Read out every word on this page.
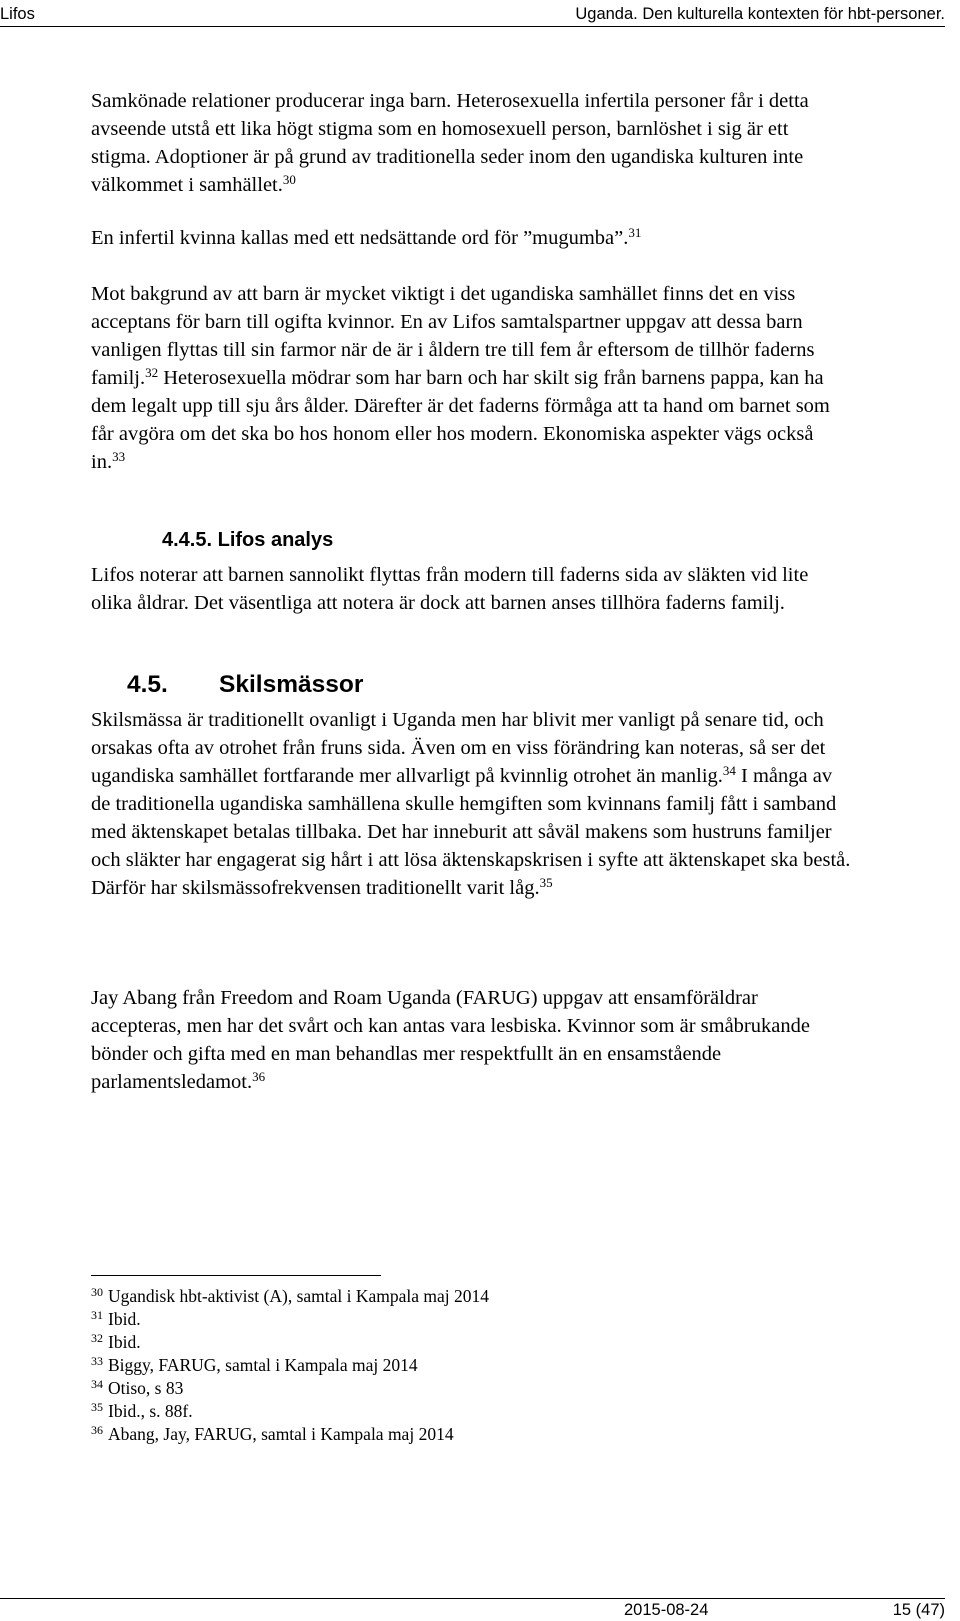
Lifos	Uganda. Den kulturella kontexten för hbt-personer.

Samkönade relationer producerar inga barn. Heterosexuella infertila personer får i detta avseende utstå ett lika högt stigma som en homosexuell person, barnlöshet i sig är ett stigma. Adoptioner är på grund av traditionella seder inom den ugandiska kulturen inte välkommet i samhället.$^{30}$

En infertil kvinna kallas med ett nedsättande ord för ”mugumba”.$^{31}$

Mot bakgrund av att barn är mycket viktigt i det ugandiska samhället finns det en viss acceptans för barn till ogifta kvinnor. En av Lifos samtalspartner uppgav att dessa barn vanligen flyttas till sin farmor när de är i åldern tre till fem år eftersom de tillhör faderns familj.$^{32}$ Heterosexuella mödrar som har barn och har skilt sig från barnens pappa, kan ha dem legalt upp till sju års ålder. Därefter är det faderns förmåga att ta hand om barnet som får avgöra om det ska bo hos honom eller hos modern. Ekonomiska aspekter vägs också in.$^{33}$

4.4.5. Lifos analys

Lifos noterar att barnen sannolikt flyttas från modern till faderns sida av släkten vid lite olika åldrar. Det väsentliga att notera är dock att barnen anses tillhöra faderns familj.

4.5. Skilsmässor

Skilsmässa är traditionellt ovanligt i Uganda men har blivit mer vanligt på senare tid, och orsakas ofta av otrohet från fruns sida. Även om en viss förändring kan noteras, så ser det ugandiska samhället fortfarande mer allvarligt på kvinnlig otrohet än manlig.$^{34}$ I många av de traditionella ugandiska samhällena skulle hemgiften som kvinnans familj fått i samband med äktenskapet betalas tillbaka. Det har inneburit att såväl makens som hustruns familjer och släkter har engagerat sig hårt i att lösa äktenskapskrisen i syfte att äktenskapet ska bestå. Därför har skilsmässofrekvensen traditionellt varit låg.$^{35}$

Jay Abang från Freedom and Roam Uganda (FARUG) uppgav att ensamföräldrar accepteras, men har det svårt och kan antas vara lesbiska. Kvinnor som är småbrukande bönder och gifta med en man behandlas mer respektfullt än en ensamstående parlamentsledamot.$^{36}$

$^{30}$ Ugandisk hbt-aktivist (A), samtal i Kampala maj 2014
$^{31}$ Ibid.
$^{32}$ Ibid.
$^{33}$ Biggy, FARUG, samtal i Kampala maj 2014
$^{34}$ Otiso, s 83
$^{35}$ Ibid., s. 88f.
$^{36}$ Abang, Jay, FARUG, samtal i Kampala maj 2014
2015-08-24	15 (47)
